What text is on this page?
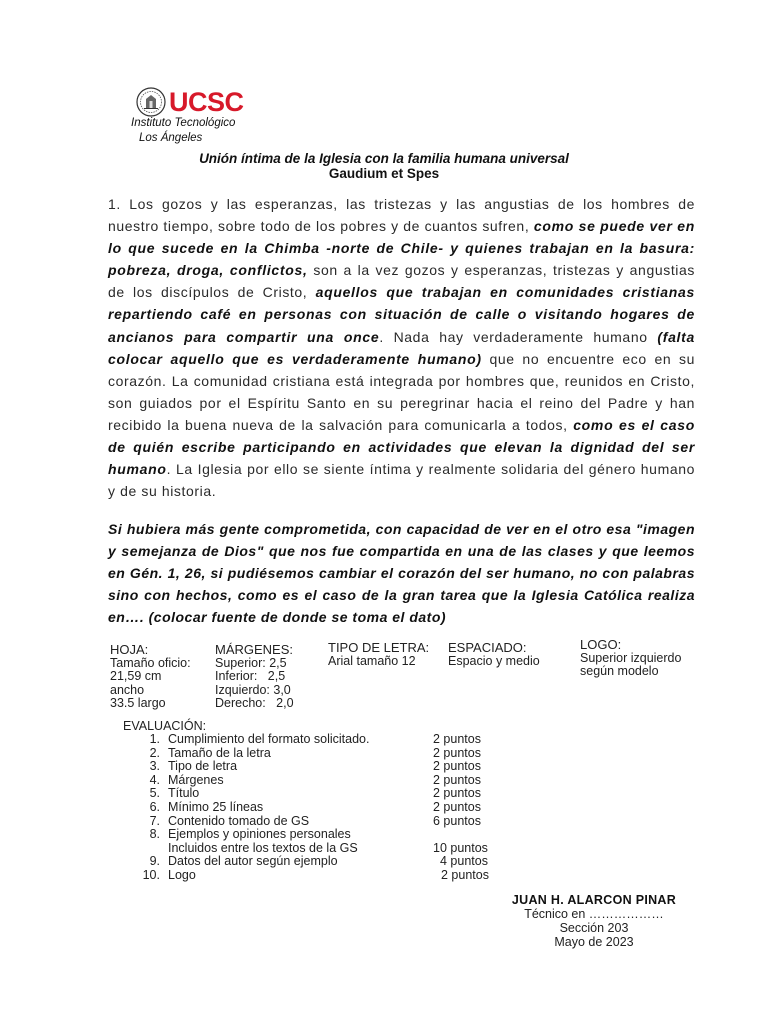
UCSC
Instituto Tecnológico
Los Ángeles
Unión íntima de la Iglesia con la familia humana universal
Gaudium et Spes
1. Los gozos y las esperanzas, las tristezas y las angustias de los hombres de nuestro tiempo, sobre todo de los pobres y de cuantos sufren, como se puede ver en lo que sucede en la Chimba -norte de Chile- y quienes trabajan en la basura: pobreza, droga, conflictos, son a la vez gozos y esperanzas, tristezas y angustias de los discípulos de Cristo, aquellos que trabajan en comunidades cristianas repartiendo café en personas con situación de calle o visitando hogares de ancianos para compartir una once. Nada hay verdaderamente humano (falta colocar aquello que es verdaderamente humano) que no encuentre eco en su corazón. La comunidad cristiana está integrada por hombres que, reunidos en Cristo, son guiados por el Espíritu Santo en su peregrinar hacia el reino del Padre y han recibido la buena nueva de la salvación para comunicarla a todos, como es el caso de quién escribe participando en actividades que elevan la dignidad del ser humano. La Iglesia por ello se siente íntima y realmente solidaria del género humano y de su historia.
Si hubiera más gente comprometida, con capacidad de ver en el otro esa "imagen y semejanza de Dios" que nos fue compartida en una de las clases y que leemos en Gén. 1, 26, si pudiésemos cambiar el corazón del ser humano, no con palabras sino con hechos, como es el caso de la gran tarea que la Iglesia Católica realiza en…. (colocar fuente de donde se toma el dato)
HOJA:
Tamaño oficio:
21,59 cm
ancho
33.5 largo
MÁRGENES:
Superior: 2,5
Inferior:   2,5
Izquierdo: 3,0
Derecho:   2,0
TIPO DE LETRA:
Arial tamaño 12
ESPACIADO:
Espacio y medio
LOGO:
Superior izquierdo
según modelo
EVALUACIÓN:
1. Cumplimiento del formato solicitado.	2 puntos
2. Tamaño de la letra	2 puntos
3. Tipo de letra	2 puntos
4. Márgenes	2 puntos
5. Título	2 puntos
6. Mínimo 25 líneas	2 puntos
7. Contenido tomado de GS	6 puntos
8. Ejemplos y opiniones personales
Incluidos entre los textos de la GS	10 puntos
9. Datos del autor según ejemplo	4 puntos
10. Logo	2 puntos
JUAN H. ALARCON PINAR
Técnico en ………………
Sección 203
Mayo de 2023
